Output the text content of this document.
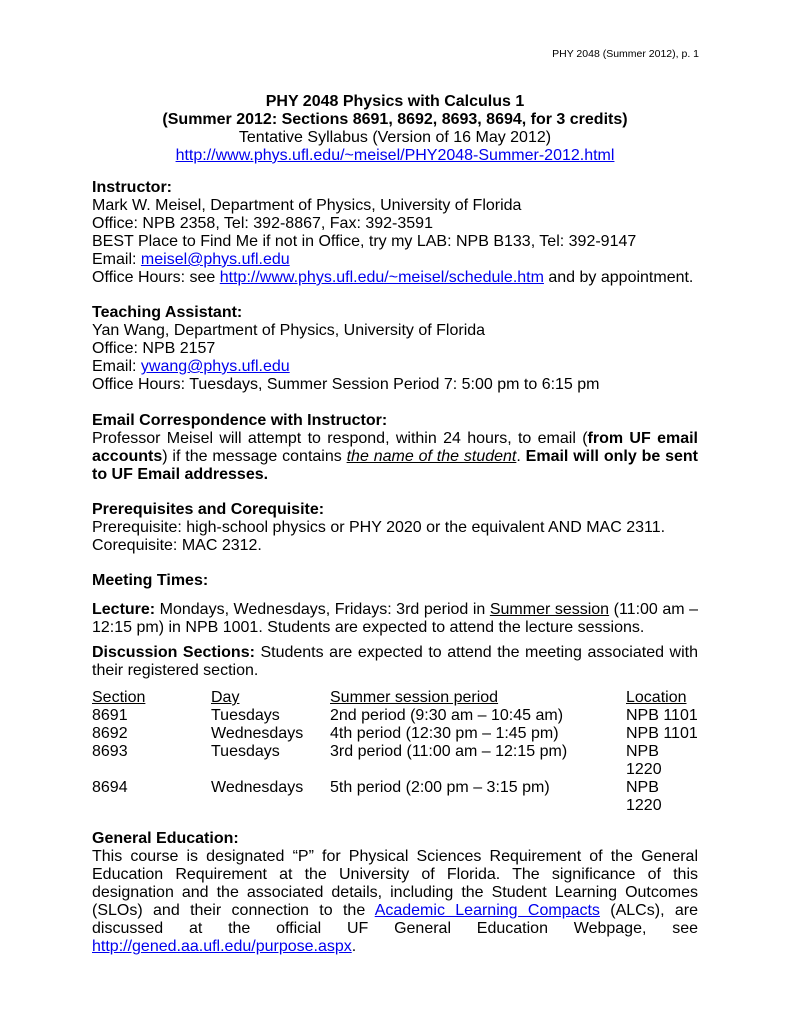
PHY 2048 (Summer 2012), p. 1
PHY 2048 Physics with Calculus 1
(Summer 2012: Sections 8691, 8692, 8693, 8694, for 3 credits)
Tentative Syllabus (Version of 16 May 2012)
http://www.phys.ufl.edu/~meisel/PHY2048-Summer-2012.html
Instructor:
Mark W. Meisel, Department of Physics, University of Florida
Office: NPB 2358, Tel: 392-8867, Fax: 392-3591
BEST Place to Find Me if not in Office, try my LAB: NPB B133, Tel: 392-9147
Email: meisel@phys.ufl.edu
Office Hours: see http://www.phys.ufl.edu/~meisel/schedule.htm and by appointment.
Teaching Assistant:
Yan Wang, Department of Physics, University of Florida
Office: NPB 2157
Email: ywang@phys.ufl.edu
Office Hours: Tuesdays, Summer Session Period 7: 5:00 pm to 6:15 pm
Email Correspondence with Instructor:

Professor Meisel will attempt to respond, within 24 hours, to email (from UF email accounts) if the message contains the name of the student. Email will only be sent to UF Email addresses.

Prerequisites and Corequisite:
Prerequisite: high-school physics or PHY 2020 or the equivalent AND MAC 2311.
Corequisite: MAC 2312.
Meeting Times:

Lecture: Mondays, Wednesdays, Fridays: 3rd period in Summer session (11:00 am – 12:15 pm) in NPB 1001. Students are expected to attend the lecture sessions.

Discussion Sections: Students are expected to attend the meeting associated with their registered section.

Section	Day	Summer session period	Location
8691	Tuesdays	2nd period (9:30 am – 10:45 am)	NPB 1101
8692	Wednesdays	4th period (12:30 pm – 1:45 pm)	NPB 1101
8693	Tuesdays	3rd period (11:00 am – 12:15 pm)	NPB 1220
8694	Wednesdays	5th period (2:00 pm – 3:15 pm)	NPB 1220
General Education:

This course is designated “P” for Physical Sciences Requirement of the General Education Requirement at the University of Florida. The significance of this designation and the associated details, including the Student Learning Outcomes (SLOs) and their connection to the Academic Learning Compacts (ALCs), are discussed at the official UF General Education Webpage, see http://gened.aa.ufl.edu/purpose.aspx.
